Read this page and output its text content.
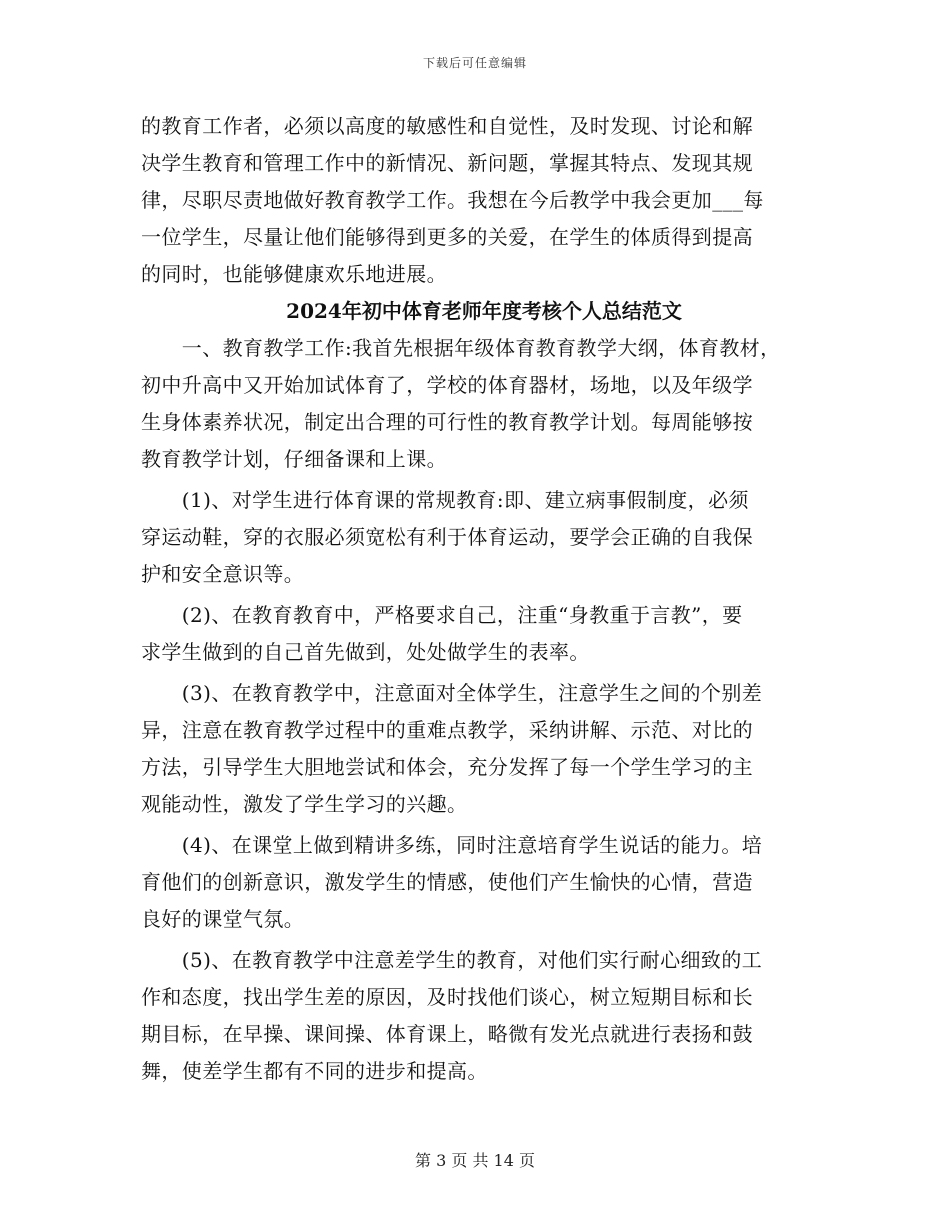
下载后可任意编辑
的教育工作者，必须以高度的敏感性和自觉性，及时发现、讨论和解
决学生教育和管理工作中的新情况、新问题，掌握其特点、发现其规
律，尽职尽责地做好教育教学工作。我想在今后教学中我会更加___每
一位学生，尽量让他们能够得到更多的关爱，在学生的体质得到提高
的同时，也能够健康欢乐地进展。
2024年初中体育老师年度考核个人总结范文
　　一、教育教学工作:我首先根据年级体育教育教学大纲，体育教材，
初中升高中又开始加试体育了，学校的体育器材，场地，以及年级学
生身体素养状况，制定出合理的可行性的教育教学计划。每周能够按
教育教学计划，仔细备课和上课。
　　(1)、对学生进行体育课的常规教育:即、建立病事假制度，必须
穿运动鞋，穿的衣服必须宽松有利于体育运动，要学会正确的自我保
护和安全意识等。
　　(2)、在教育教育中，严格要求自己，注重“身教重于言教”，要
求学生做到的自己首先做到，处处做学生的表率。
　　(3)、在教育教学中，注意面对全体学生，注意学生之间的个别差
异，注意在教育教学过程中的重难点教学，采纳讲解、示范、对比的
方法，引导学生大胆地尝试和体会，充分发挥了每一个学生学习的主
观能动性，激发了学生学习的兴趣。
　　(4)、在课堂上做到精讲多练，同时注意培育学生说话的能力。培
育他们的创新意识，激发学生的情感，使他们产生愉快的心情，营造
良好的课堂气氛。
　　(5)、在教育教学中注意差学生的教育，对他们实行耐心细致的工
作和态度，找出学生差的原因，及时找他们谈心，树立短期目标和长
期目标，在早操、课间操、体育课上，略微有发光点就进行表扬和鼓
舞，使差学生都有不同的进步和提高。
第 3 页 共 14 页
